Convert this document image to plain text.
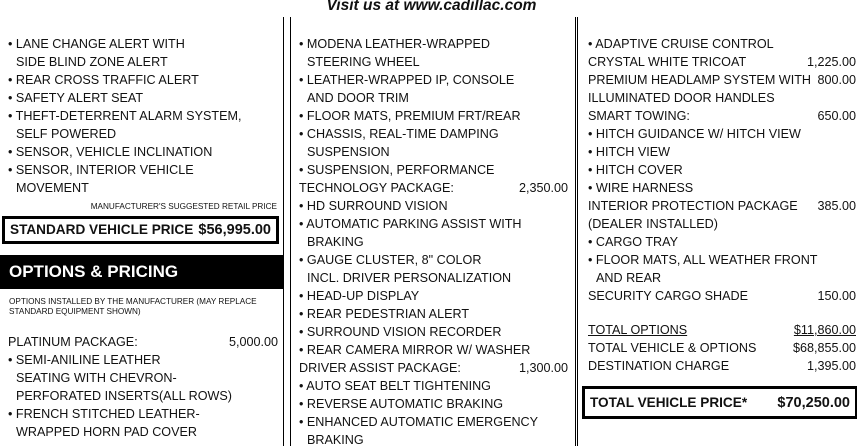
Visit us at www.cadillac.com
• LANE CHANGE ALERT WITH
SIDE BLIND ZONE ALERT
• REAR CROSS TRAFFIC ALERT
• SAFETY ALERT SEAT
• THEFT-DETERRENT ALARM SYSTEM,
SELF POWERED
• SENSOR, VEHICLE INCLINATION
• SENSOR, INTERIOR VEHICLE
MOVEMENT
MANUFACTURER'S SUGGESTED RETAIL PRICE
STANDARD VEHICLE PRICE $56,995.00
OPTIONS & PRICING
OPTIONS INSTALLED BY THE MANUFACTURER (MAY REPLACE STANDARD EQUIPMENT SHOWN)
PLATINUM PACKAGE:	5,000.00
• SEMI-ANILINE LEATHER
SEATING WITH CHEVRON-
PERFORATED INSERTS(ALL ROWS)
• FRENCH STITCHED LEATHER-
WRAPPED HORN PAD COVER
• MODENA LEATHER-WRAPPED
STEERING WHEEL
• LEATHER-WRAPPED IP, CONSOLE
AND DOOR TRIM
• FLOOR MATS, PREMIUM FRT/REAR
• CHASSIS, REAL-TIME DAMPING
SUSPENSION
• SUSPENSION, PERFORMANCE
TECHNOLOGY PACKAGE:	2,350.00
• HD SURROUND VISION
• AUTOMATIC PARKING ASSIST WITH
BRAKING
• GAUGE CLUSTER, 8" COLOR
INCL. DRIVER PERSONALIZATION
• HEAD-UP DISPLAY
• REAR PEDESTRIAN ALERT
• SURROUND VISION RECORDER
• REAR CAMERA MIRROR W/ WASHER
DRIVER ASSIST PACKAGE:	1,300.00
• AUTO SEAT BELT TIGHTENING
• REVERSE AUTOMATIC BRAKING
• ENHANCED AUTOMATIC EMERGENCY
BRAKING
• ADAPTIVE CRUISE CONTROL
CRYSTAL WHITE TRICOAT	1,225.00
PREMIUM HEADLAMP SYSTEM WITH 800.00
ILLUMINATED DOOR HANDLES
SMART TOWING:	650.00
• HITCH GUIDANCE W/ HITCH VIEW
• HITCH VIEW
• HITCH COVER
• WIRE HARNESS
INTERIOR PROTECTION PACKAGE 385.00
(DEALER INSTALLED)
• CARGO TRAY
• FLOOR MATS, ALL WEATHER FRONT
AND REAR
SECURITY CARGO SHADE	150.00
TOTAL OPTIONS	$11,860.00
TOTAL VEHICLE & OPTIONS	$68,855.00
DESTINATION CHARGE	1,395.00
TOTAL VEHICLE PRICE* $70,250.00
